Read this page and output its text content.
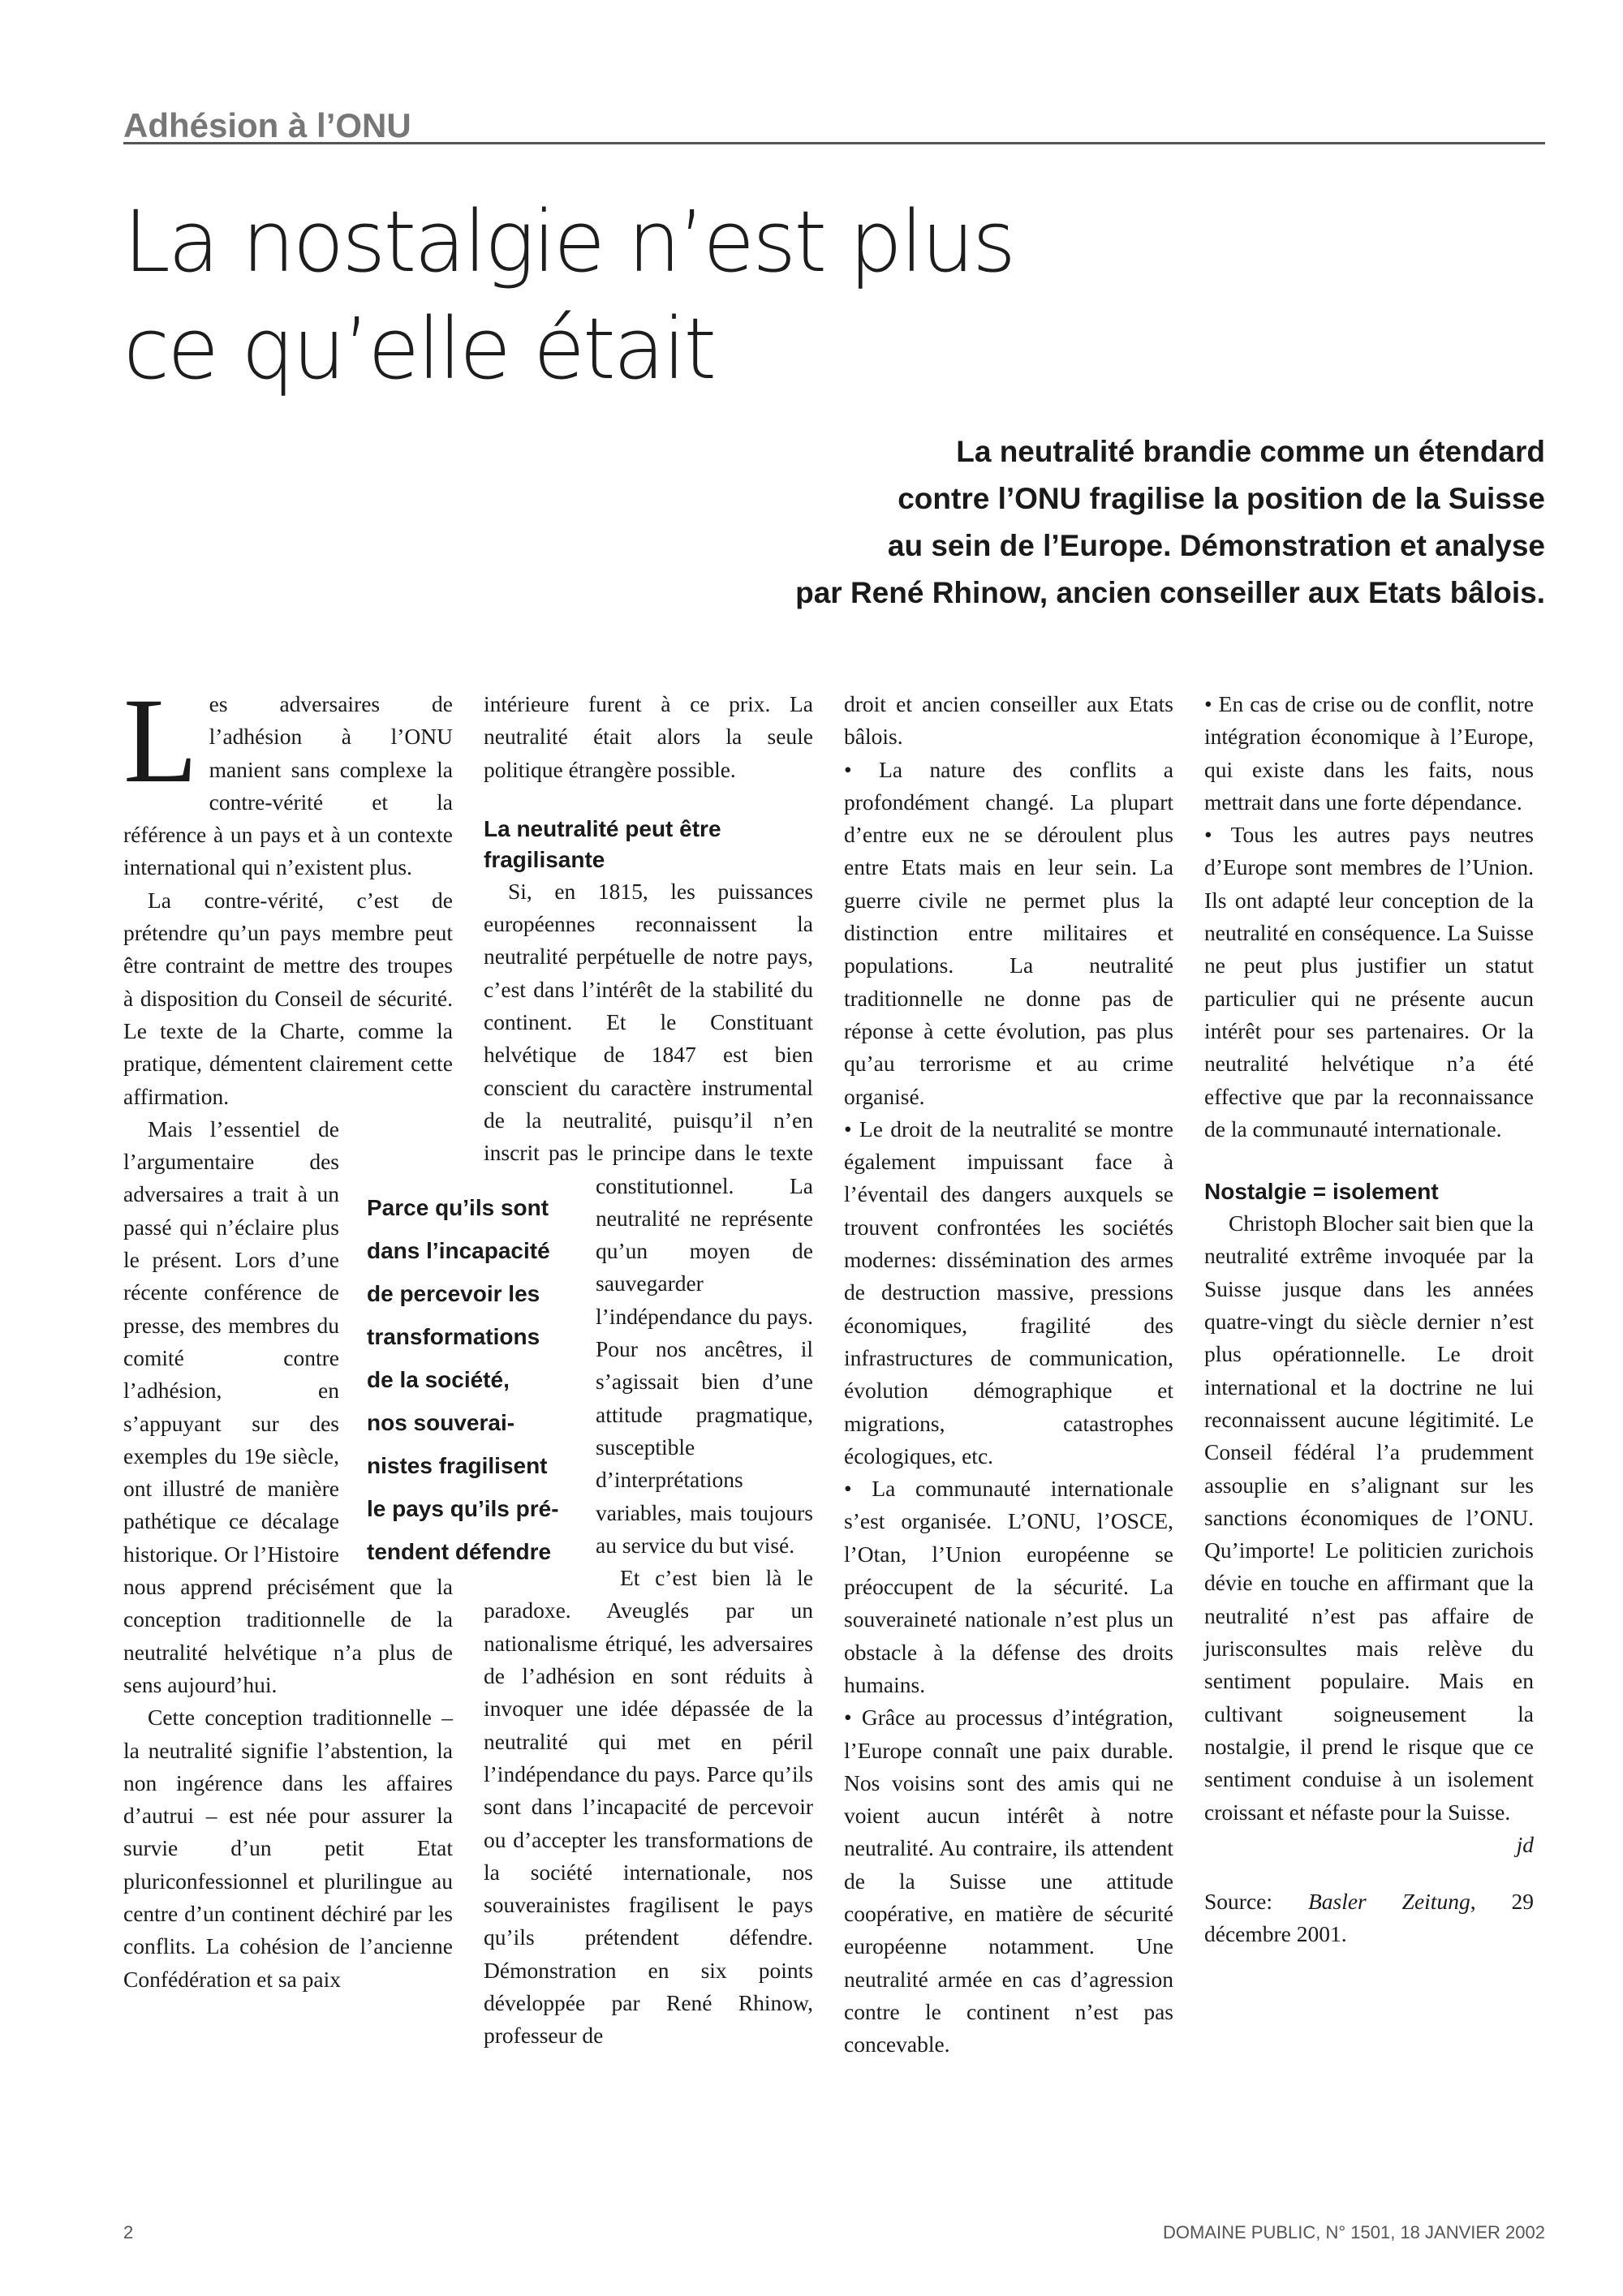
Adhésion à l’ONU
La nostalgie n’est plus
ce qu’elle était
La neutralité brandie comme un étendard
contre l’ONU fragilise la position de la Suisse
au sein de l’Europe. Démonstration et analyse
par René Rhinow, ancien conseiller aux Etats bâlois.

Les adversaires de l’adhésion à l’ONU manient sans complexe la contre-vérité et la référence à un pays et à un contexte international qui n’existent plus.

La contre-vérité, c’est de prétendre qu’un pays membre peut être contraint de mettre des troupes à disposition du Conseil de sécurité. Le texte de la Charte, comme la pratique, démentent clairement cette affirmation.

Mais l’essentiel de l’argumentaire des adversaires a trait à un passé qui n’éclaire plus le présent. Lors d’une récente conférence de presse, des membres du comité contre l’adhésion, en s’appuyant sur des exemples du 19e siècle, ont illustré de manière pathétique ce décalage historique. Or l’Histoire nous apprend précisément que la conception traditionnelle de la neutralité helvétique n’a plus de sens aujourd’hui.

Cette conception traditionnelle – la neutralité signifie l’abstention, la non ingérence dans les affaires d’autrui – est née pour assurer la survie d’un petit Etat pluriconfessionnel et plurilingue au centre d’un continent déchiré par les conflits. La cohésion de l’ancienne Confédération et sa paix

intérieure furent à ce prix. La neutralité était alors la seule politique étrangère possible.

La neutralité peut être fragilisante

Si, en 1815, les puissances européennes reconnaissent la neutralité perpétuelle de notre pays, c’est dans l’intérêt de la stabilité du continent. Et le Constituant helvétique de 1847 est bien conscient du caractère instrumental de la neutralité, puisqu’il n’en inscrit pas le principe dans le texte constitutionnel. La neutralité ne représente qu’un moyen de sauvegarder l’indépendance du pays. Pour nos ancêtres, il s’agissait bien d’une attitude pragmatique, susceptible d’interprétations variables, mais toujours au service du but visé.

Et c’est bien là le paradoxe. Aveuglés par un nationalisme étriqué, les adversaires de l’adhésion en sont réduits à invoquer une idée dépassée de la neutralité qui met en péril l’indépendance du pays. Parce qu’ils sont dans l’incapacité de percevoir ou d’accepter les transformations de la société internationale, nos souverainistes fragilisent le pays qu’ils prétendent défendre. Démonstration en six points développée par René Rhinow, professeur de

droit et ancien conseiller aux Etats bâlois.

• La nature des conflits a profondément changé. La plupart d’entre eux ne se déroulent plus entre Etats mais en leur sein. La guerre civile ne permet plus la distinction entre militaires et populations. La neutralité traditionnelle ne donne pas de réponse à cette évolution, pas plus qu’au terrorisme et au crime organisé.

• Le droit de la neutralité se montre également impuissant face à l’éventail des dangers auxquels se trouvent confrontées les sociétés modernes: dissémination des armes de destruction massive, pressions économiques, fragilité des infrastructures de communication, évolution démographique et migrations, catastrophes écologiques, etc.

• La communauté internationale s’est organisée. L’ONU, l’OSCE, l’Otan, l’Union européenne se préoccupent de la sécurité. La souveraineté nationale n’est plus un obstacle à la défense des droits humains.

• Grâce au processus d’intégration, l’Europe connaît une paix durable. Nos voisins sont des amis qui ne voient aucun intérêt à notre neutralité. Au contraire, ils attendent de la Suisse une attitude coopérative, en matière de sécurité européenne notamment. Une neutralité armée en cas d’agression contre le continent n’est pas concevable.

• En cas de crise ou de conflit, notre intégration économique à l’Europe, qui existe dans les faits, nous mettrait dans une forte dépendance.

• Tous les autres pays neutres d’Europe sont membres de l’Union. Ils ont adapté leur conception de la neutralité en conséquence. La Suisse ne peut plus justifier un statut particulier qui ne présente aucun intérêt pour ses partenaires. Or la neutralité helvétique n’a été effective que par la reconnaissance de la communauté internationale.

Nostalgie = isolement

Christoph Blocher sait bien que la neutralité extrême invoquée par la Suisse jusque dans les années quatre-vingt du siècle dernier n’est plus opérationnelle. Le droit international et la doctrine ne lui reconnaissent aucune légitimité. Le Conseil fédéral l’a prudemment assouplie en s’alignant sur les sanctions économiques de l’ONU. Qu’importe! Le politicien zurichois dévie en touche en affirmant que la neutralité n’est pas affaire de jurisconsultes mais relève du sentiment populaire. Mais en cultivant soigneusement la nostalgie, il prend le risque que ce sentiment conduise à un isolement croissant et néfaste pour la Suisse.
jd

Source: Basler Zeitung, 29 décembre 2001.

Parce qu’ils sont
dans l’incapacité
de percevoir les
transformations
de la société,
nos souverai-
nistes fragilisent
le pays qu’ils pré-
tendent défendre
2	DOMAINE PUBLIC, N° 1501, 18 JANVIER 2002
